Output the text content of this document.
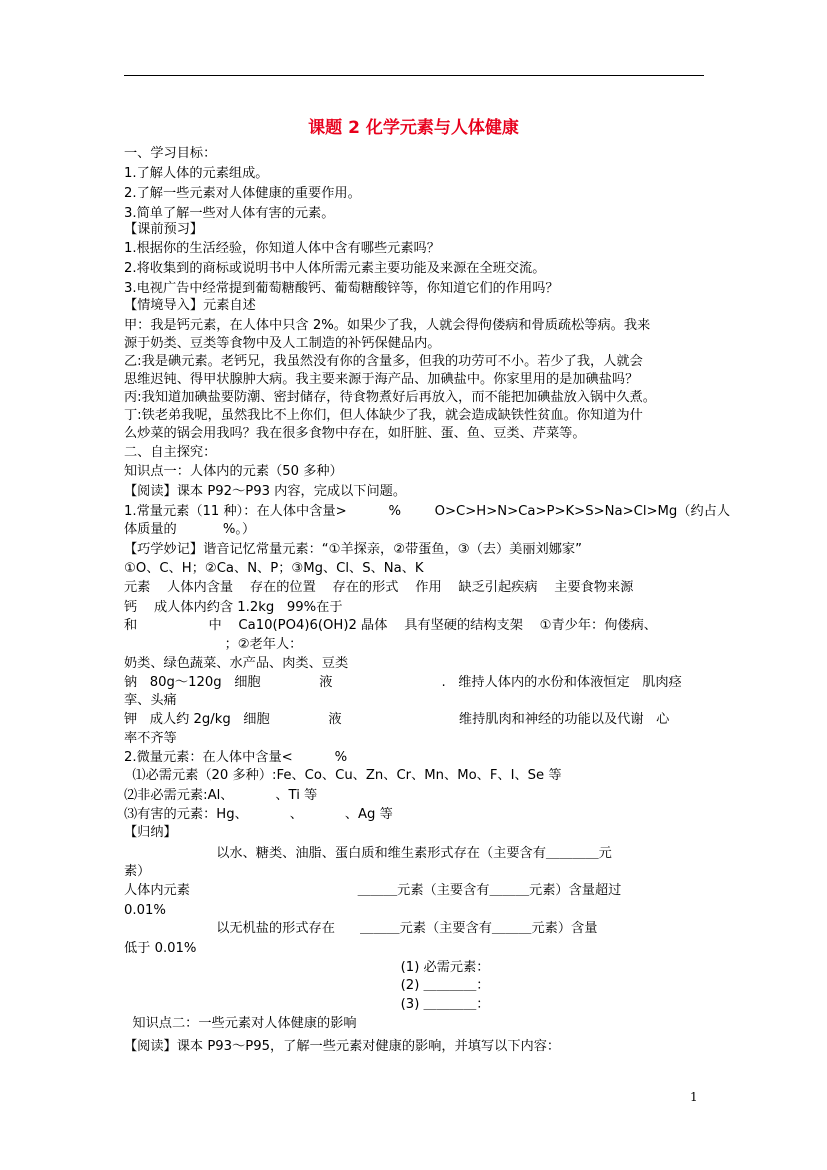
课题 2 化学元素与人体健康
一、学习目标：
1.了解人体的元素组成。
2.了解一些元素对人体健康的重要作用。
3.简单了解一些对人体有害的元素。
【课前预习】
1.根据你的生活经验，你知道人体中含有哪些元素吗？
2.将收集到的商标或说明书中人体所需元素主要功能及来源在全班交流。
3.电视广告中经常提到葡萄糖酸钙、葡萄糖酸锌等，你知道它们的作用吗？
【情境导入】元素自述
甲：我是钙元素，在人体中只含 2%。如果少了我，人就会得佝偻病和骨质疏松等病。我来
源于奶类、豆类等食物中及人工制造的补钙保健品内。
乙:我是碘元素。老钙兄，我虽然没有你的含量多，但我的功劳可不小。若少了我，人就会
思维迟钝、得甲状腺肿大病。我主要来源于海产品、加碘盐中。你家里用的是加碘盐吗？
丙:我知道加碘盐要防潮、密封储存，待食物煮好后再放入，而不能把加碘盐放入锅中久煮。
丁:铁老弟我呢，虽然我比不上你们，但人体缺少了我，就会造成缺铁性贫血。你知道为什
么炒菜的锅会用我吗？我在很多食物中存在，如肝脏、蛋、鱼、豆类、芹菜等。
二、自主探究：
知识点一：人体内的元素（50 多种）
【阅读】课本 P92～P93 内容，完成以下问题。
1.常量元素（11 种）：在人体中含量>          %        O>C>H>N>Ca>P>K>S>Na>Cl>Mg（约占人
体质量的           %。）
【巧学妙记】谐音记忆常量元素：“①羊探亲，②带蛋鱼，③（去）美丽刘娜家”
①O、C、H；②Ca、N、P；③Mg、Cl、S、Na、K
元素    人体内含量    存在的位置    存在的形式    作用    缺乏引起疾病    主要食物来源
钙    成人体内约含 1.2kg   99%在于
和                 中    Ca10(PO4)6(OH)2 晶体    具有坚硬的结构支架    ①青少年：佝偻病、
；②老年人：
奶类、绿色蔬菜、水产品、肉类、豆类
钠   80g～120g   细胞              液                          .   维持人体内的水份和体液恒定   肌肉痉
挛、头痛
钾   成人约 2g/kg   细胞              液                            维持肌肉和神经的功能以及代谢   心
率不齐等
2.微量元素：在人体中含量<          %
⑴必需元素（20 多种）:Fe、Co、Cu、Zn、Cr、Mn、Mo、F、I、Se 等
⑵非必需元素:Al、          、Ti 等
⑶有害的元素：Hg、          、          、Ag 等
【归纳】
以水、糖类、油脂、蛋白质和维生素形式存在（主要含有＿＿＿＿元
素）
人体内元素                                        ＿＿＿元素（主要含有＿＿＿元素）含量超过
0.01%
以无机盐的形式存在      ＿＿＿元素（主要含有＿＿＿元素）含量
低于 0.01%
(1) 必需元素：
(2) ＿＿＿＿：
(3) ＿＿＿＿：
知识点二：一些元素对人体健康的影响
【阅读】课本 P93～P95，了解一些元素对健康的影响，并填写以下内容：
1
